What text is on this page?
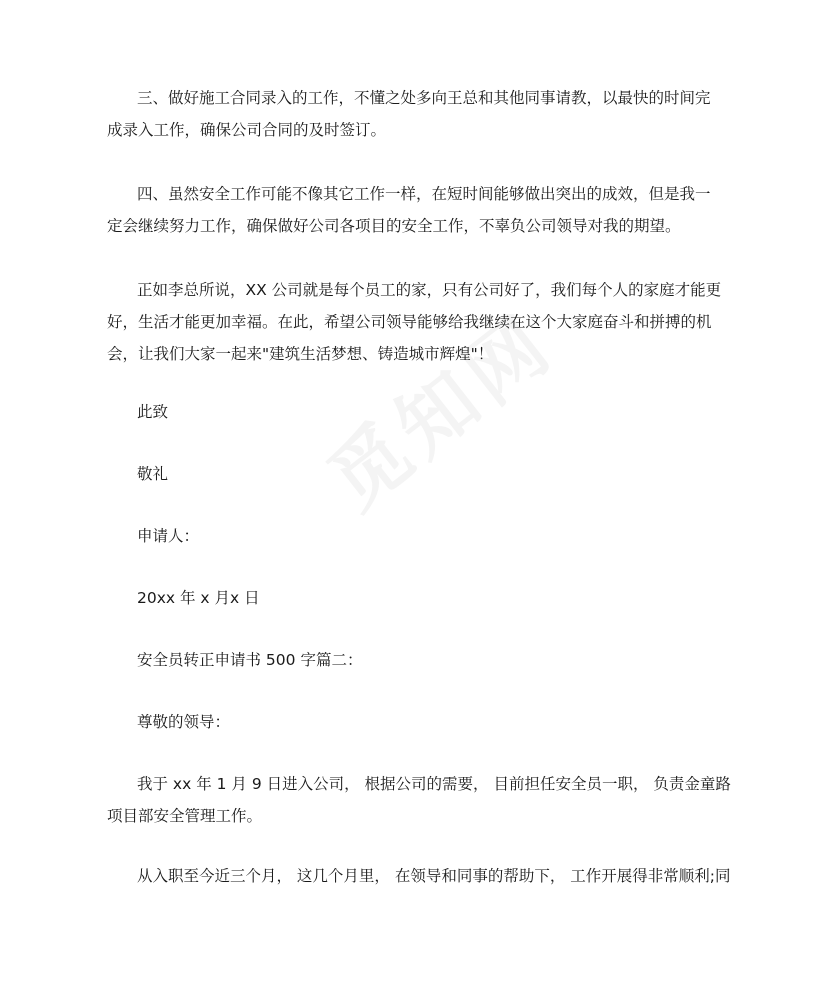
三、做好施工合同录入的工作，不懂之处多向王总和其他同事请教，以最快的时间完
成录入工作，确保公司合同的及时签订。

四、虽然安全工作可能不像其它工作一样，在短时间能够做出突出的成效，但是我一
定会继续努力工作，确保做好公司各项目的安全工作，不辜负公司领导对我的期望。

正如李总所说，XX 公司就是每个员工的家，只有公司好了，我们每个人的家庭才能更
好，生活才能更加幸福。在此，希望公司领导能够给我继续在这个大家庭奋斗和拼搏的机
会，让我们大家一起来"建筑生活梦想、铸造城市辉煌"！

此致

敬礼

申请人：

20xx 年 x 月x 日

安全员转正申请书 500 字篇二：

尊敬的领导：

我于 xx 年 1 月 9 日进入公司， 根据公司的需要， 目前担任安全员一职， 负责金童路
项目部安全管理工作。

从入职至今近三个月， 这几个月里， 在领导和同事的帮助下， 工作开展得非常顺利;同
